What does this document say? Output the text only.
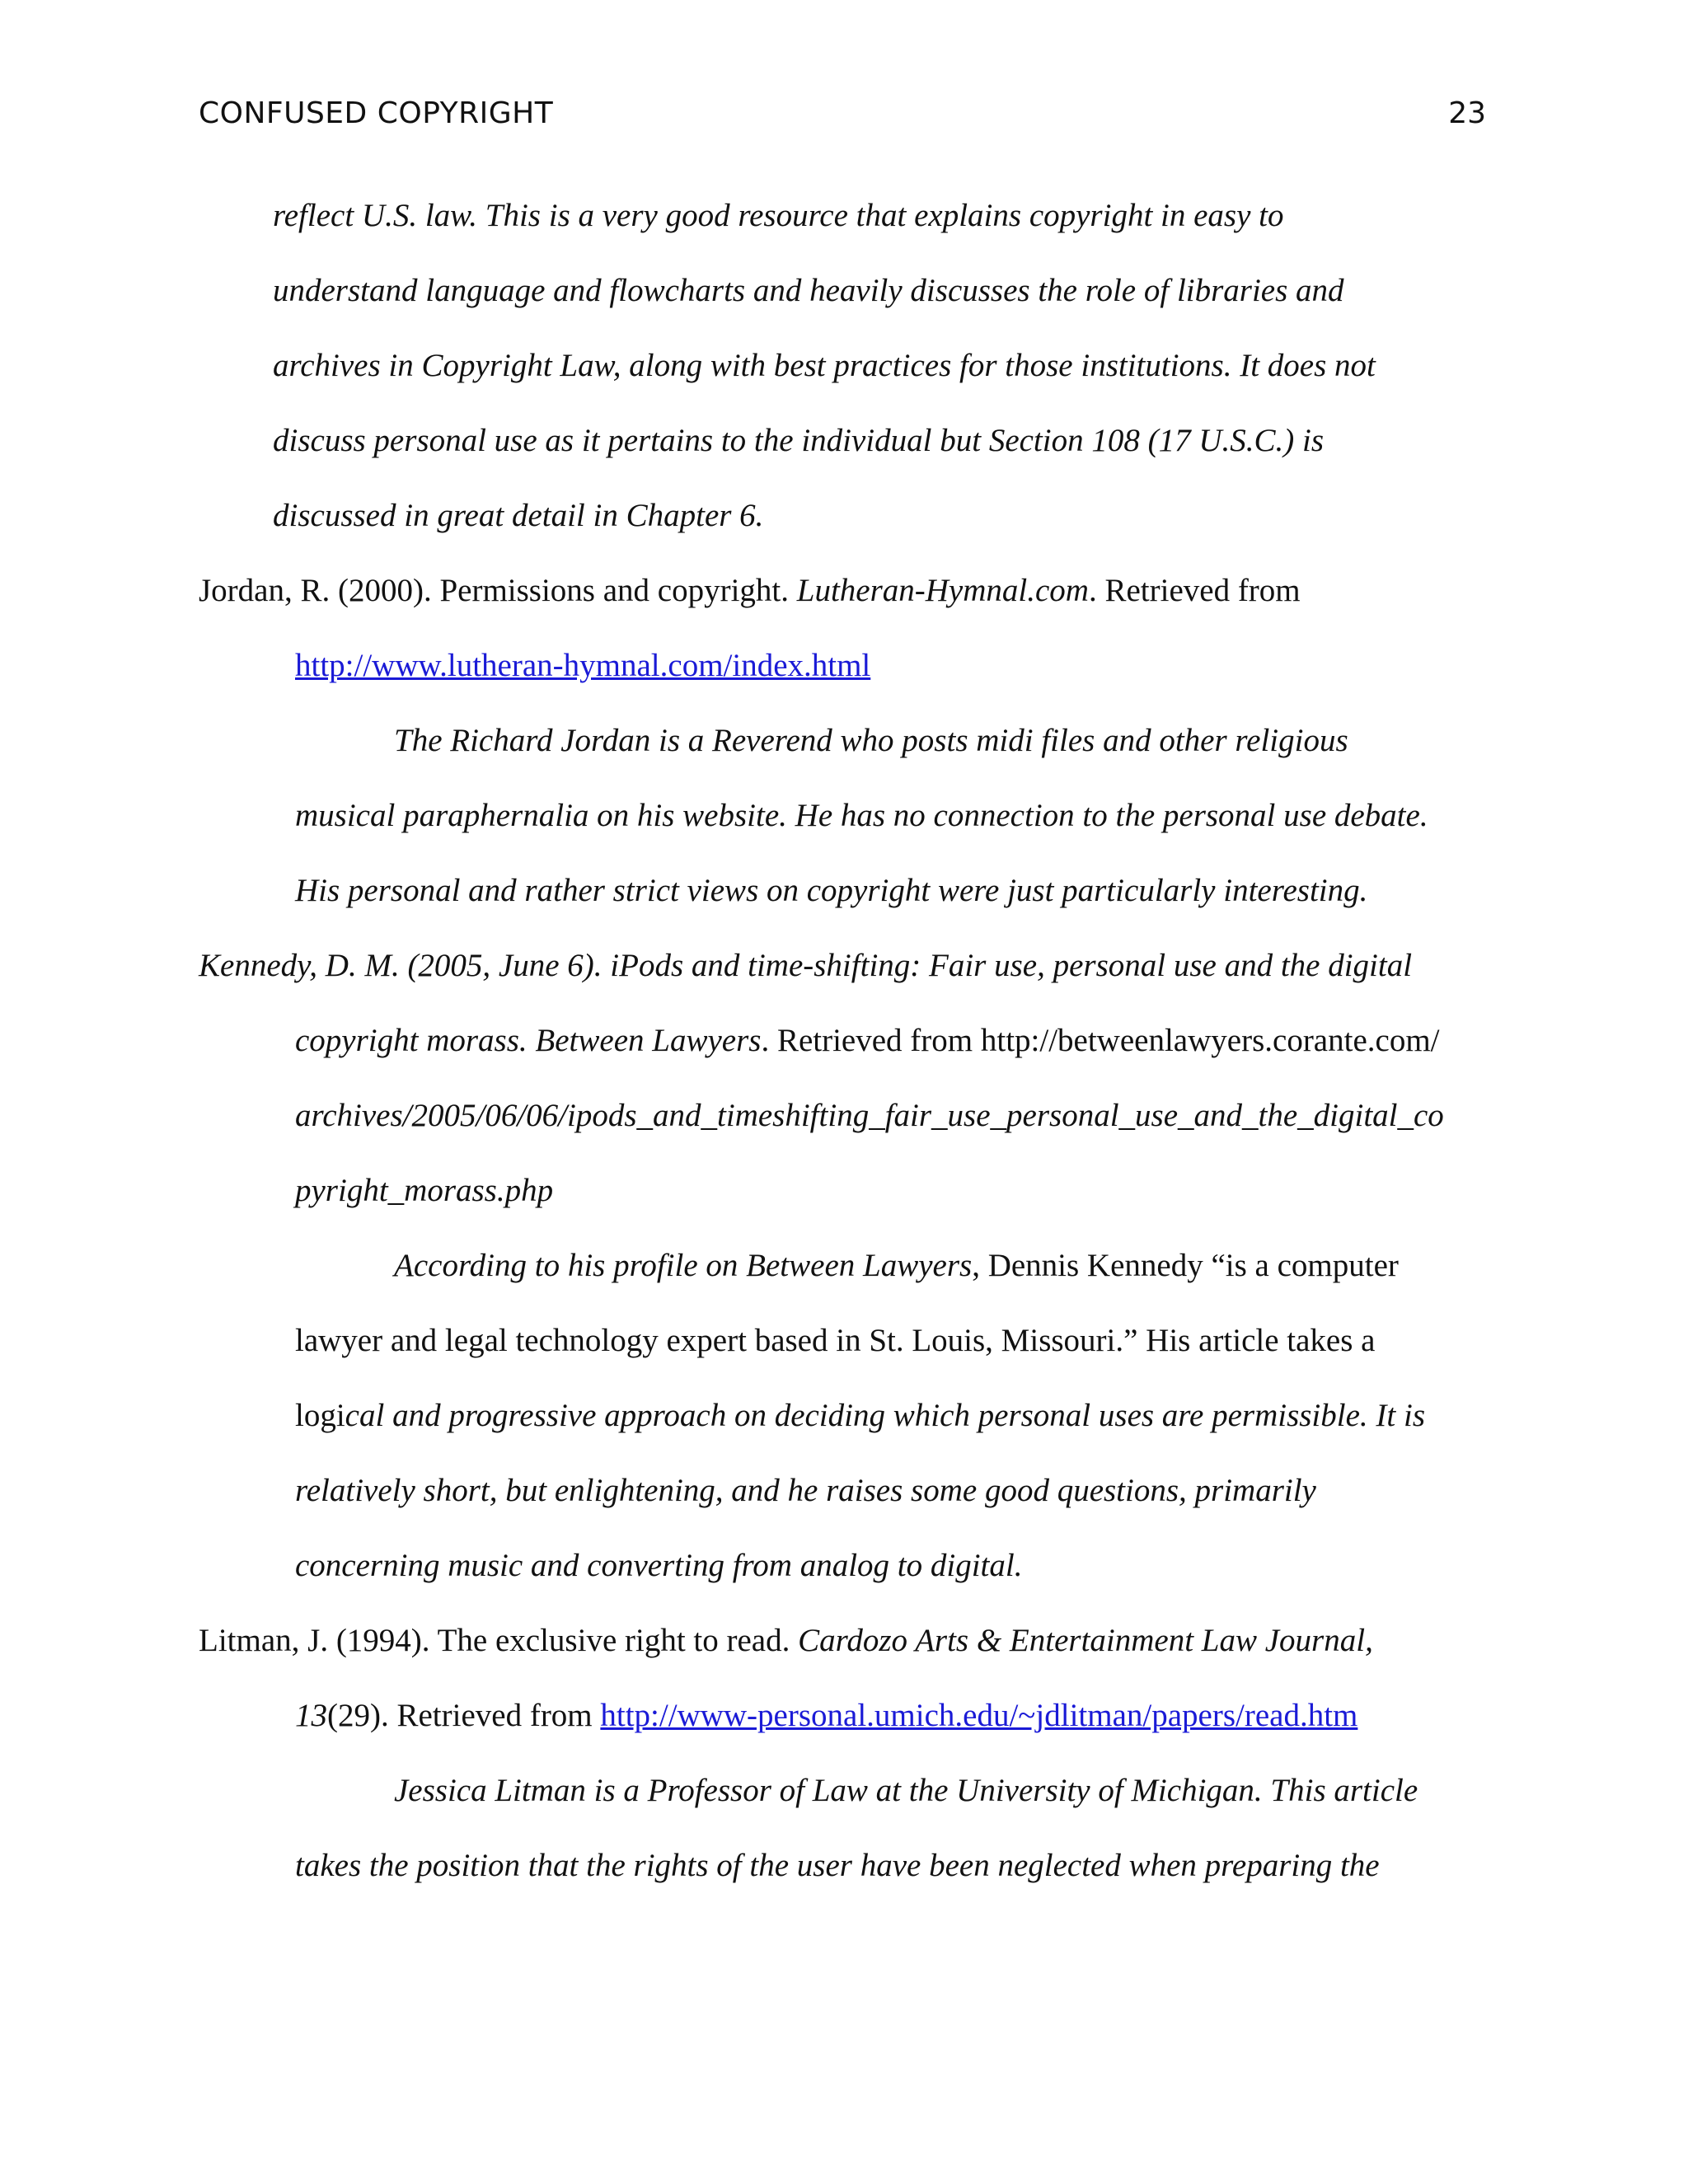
CONFUSED COPYRIGHT	23
reflect U.S. law. This is a very good resource that explains copyright in easy to
understand language and flowcharts and heavily discusses the role of libraries and
archives in Copyright Law, along with best practices for those institutions. It does not
discuss personal use as it pertains to the individual but Section 108 (17 U.S.C.) is
discussed in great detail in Chapter 6.
Jordan, R. (2000). Permissions and copyright. Lutheran-Hymnal.com. Retrieved from
http://www.lutheran-hymnal.com/index.html
The Richard Jordan is a Reverend who posts midi files and other religious
musical paraphernalia on his website. He has no connection to the personal use debate.
His personal and rather strict views on copyright were just particularly interesting.
Kennedy, D. M. (2005, June 6). iPods and time-shifting: Fair use, personal use and the digital
copyright morass. Between Lawyers. Retrieved from http://betweenlawyers.corante.com/
archives/2005/06/06/ipods_and_timeshifting_fair_use_personal_use_and_the_digital_co
pyright_morass.php
According to his profile on Between Lawyers, Dennis Kennedy “is a computer
lawyer and legal technology expert based in St. Louis, Missouri.” His article takes a
logical and progressive approach on deciding which personal uses are permissible. It is
relatively short, but enlightening, and he raises some good questions, primarily
concerning music and converting from analog to digital.
Litman, J. (1994). The exclusive right to read. Cardozo Arts & Entertainment Law Journal,
13(29). Retrieved from http://www-personal.umich.edu/~jdlitman/papers/read.htm
Jessica Litman is a Professor of Law at the University of Michigan. This article
takes the position that the rights of the user have been neglected when preparing the
